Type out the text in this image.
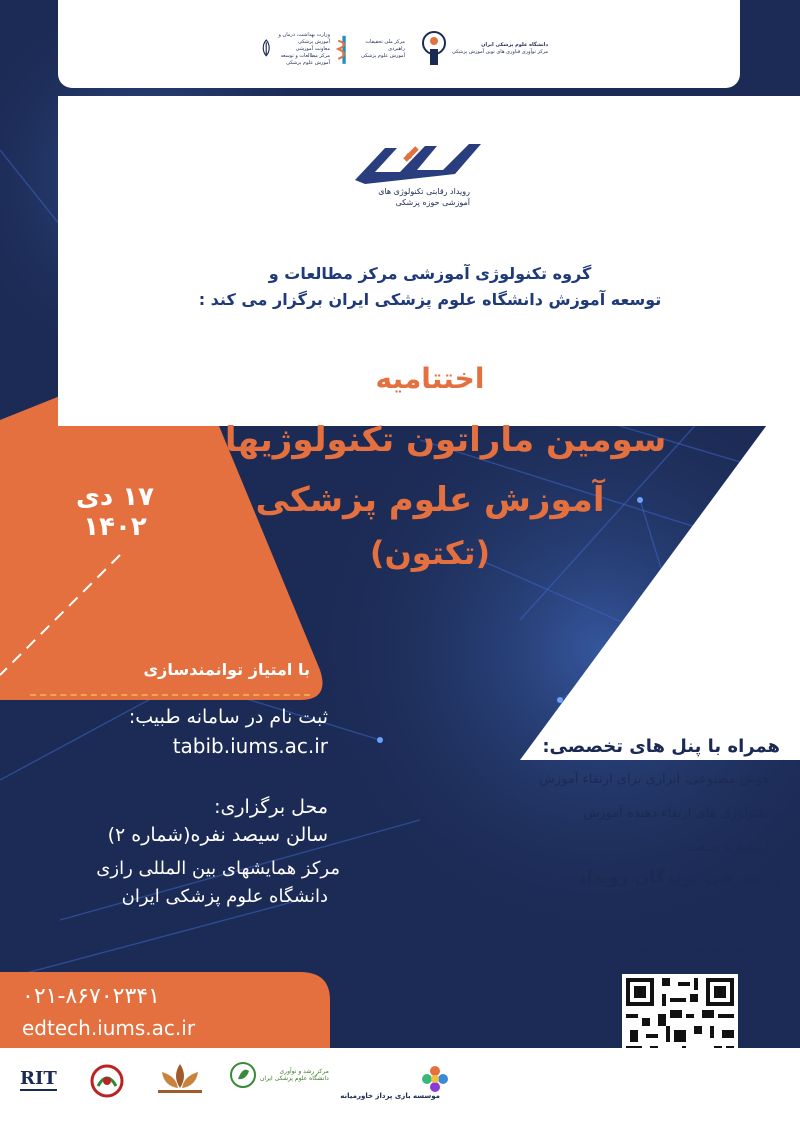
دانشگاه علوم پزشکی ایران
مرکز نوآوری فناوری های نوین آموزش پزشکی
مرکز ملی تحقیقات راهبردی
آموزش علوم پزشکی
وزارت بهداشت، درمان و آموزش پزشکی
معاونت آموزشی
مرکز مطالعات و توسعه آموزش علوم پزشکی
رویداد رقابتی تکنولوژی های
آموزشی حوزه پزشکی
گروه تکنولوژی آموزشی مرکز مطالعات و
توسعه آموزش دانشگاه علوم پزشکی ایران برگزار می کند :
اختتامیه
سومین ماراتون تکنولوژیهای
آموزش علوم پزشکی
(تکتون)
۱۷ دی ۱۴۰۲
با امتیاز توانمندسازی
ثبت نام در سامانه طبیب:
tabib.iums.ac.ir
محل برگزاری:
سالن سیصد نفره(شماره ۲)
مرکز همایشهای بین المللی رازی
دانشگاه علوم پزشکی ایران
همراه با پنل های تخصصی:
– هوش مصنوعی، ابزاری برای ارتقاء آموزش
– تکنولوژی های ارتقاء دهنده آموزش
– ارتباط با صنعت
و معرفی برندگان رویداد
جدول برنامه های اختتامیه:
۰۲۱-۸۶۷۰۲۳۴۱
edtech.iums.ac.ir
RIT	مرکز رشد و نوآوری
دانشگاه علوم پزشکی ایران
موسسه بازی پرداز خاورمیانه
